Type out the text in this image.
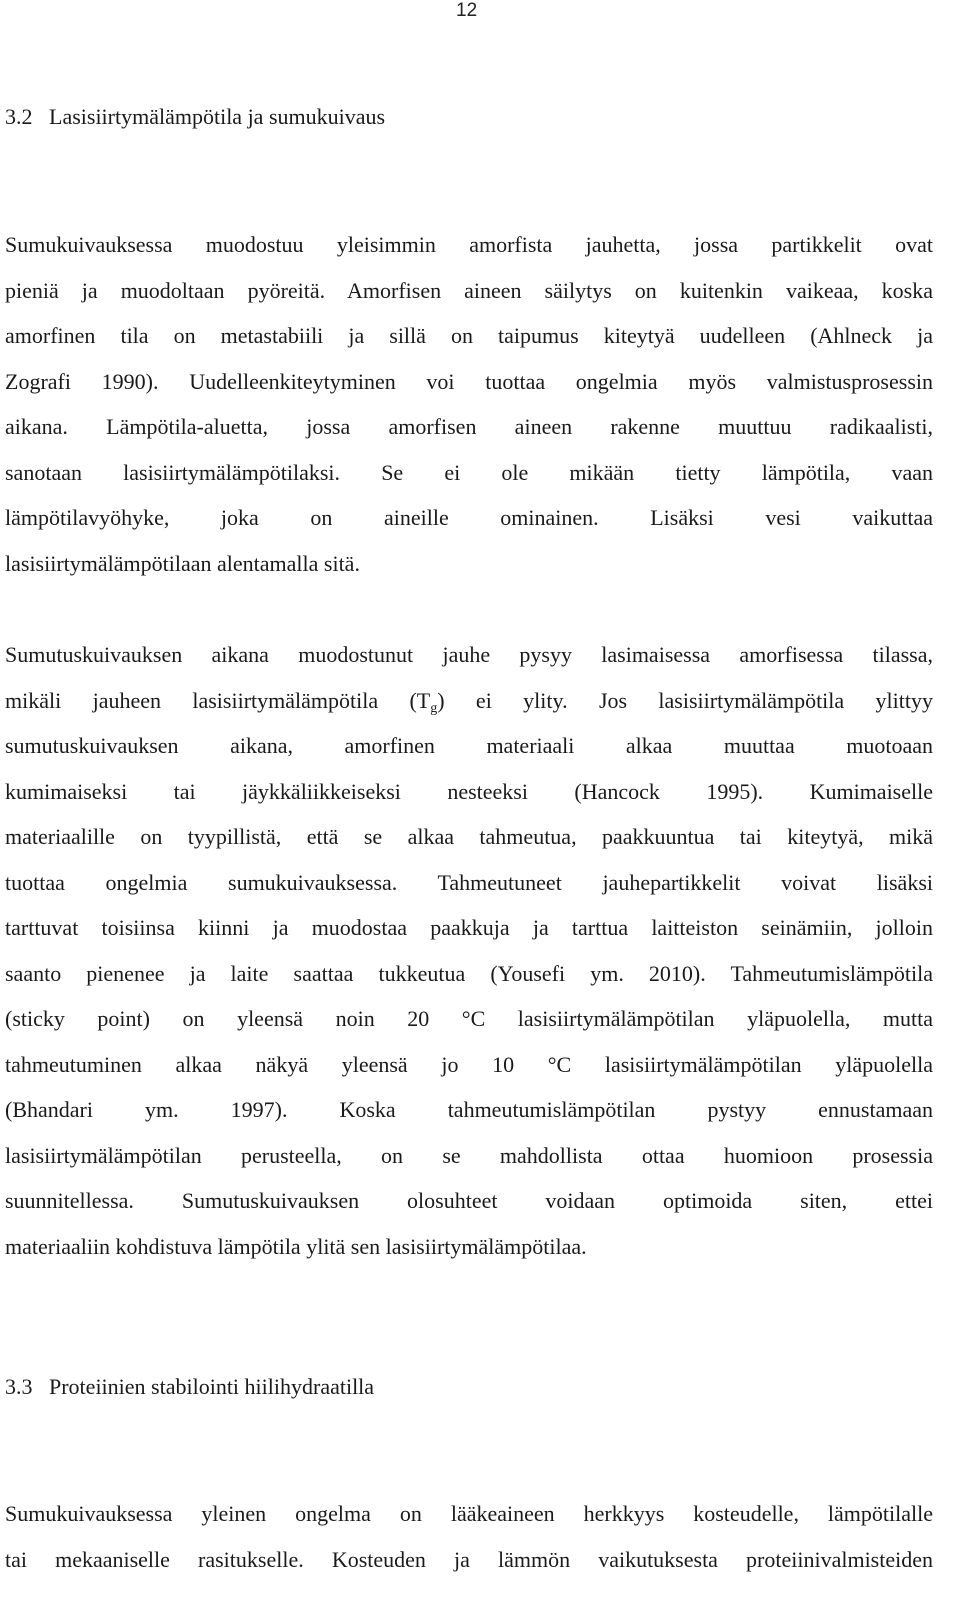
12
3.2 Lasisiirtymälämpötila ja sumukuivaus
Sumukuivauksessa muodostuu yleisimmin amorfista jauhetta, jossa partikkelit ovat
pieniä ja muodoltaan pyöreitä. Amorfisen aineen säilytys on kuitenkin vaikeaa, koska
amorfinen tila on metastabiili ja sillä on taipumus kiteytyä uudelleen (Ahlneck ja
Zografi 1990). Uudelleenkiteytyminen voi tuottaa ongelmia myös valmistusprosessin
aikana. Lämpötila-aluetta, jossa amorfisen aineen rakenne muuttuu radikaalisti,
sanotaan lasisiirtymälämpötilaksi. Se ei ole mikään tietty lämpötila, vaan
lämpötilavyöhyke, joka on aineille ominainen. Lisäksi vesi vaikuttaa
lasisiirtymälämpötilaan alentamalla sitä.
Sumutuskuivauksen aikana muodostunut jauhe pysyy lasimaisessa amorfisessa tilassa,
mikäli jauheen lasisiirtymälämpötila $(T_g)$ ei ylity. Jos lasisiirtymälämpötila ylittyy
sumutuskuivauksen aikana, amorfinen materiaali alkaa muuttaa muotoaan
kumimaiseksi tai jäykkäliikkeiseksi nesteeksi (Hancock 1995). Kumimaiselle
materiaalille on tyypillistä, että se alkaa tahmeutua, paakkuuntua tai kiteytyä, mikä
tuottaa ongelmia sumukuivauksessa. Tahmeutuneet jauhepartikkelit voivat lisäksi
tarttuvat toisiinsa kiinni ja muodostaa paakkuja ja tarttua laitteiston seinämiin, jolloin
saanto pienenee ja laite saattaa tukkeutua (Yousefi ym. 2010). Tahmeutumislämpötila
(sticky point) on yleensä noin 20 °C lasisiirtymälämpötilan yläpuolella, mutta
tahmeutuminen alkaa näkyä yleensä jo 10 °C lasisiirtymälämpötilan yläpuolella
(Bhandari ym. 1997). Koska tahmeutumislämpötilan pystyy ennustamaan
lasisiirtymälämpötilan perusteella, on se mahdollista ottaa huomioon prosessia
suunnitellessa. Sumutuskuivauksen olosuhteet voidaan optimoida siten, ettei
materiaaliin kohdistuva lämpötila ylitä sen lasisiirtymälämpötilaa.
3.3 Proteiinien stabilointi hiilihydraatilla
Sumukuivauksessa yleinen ongelma on lääkeaineen herkkyys kosteudelle, lämpötilalle
tai mekaaniselle rasitukselle. Kosteuden ja lämmön vaikutuksesta proteiinivalmisteiden
